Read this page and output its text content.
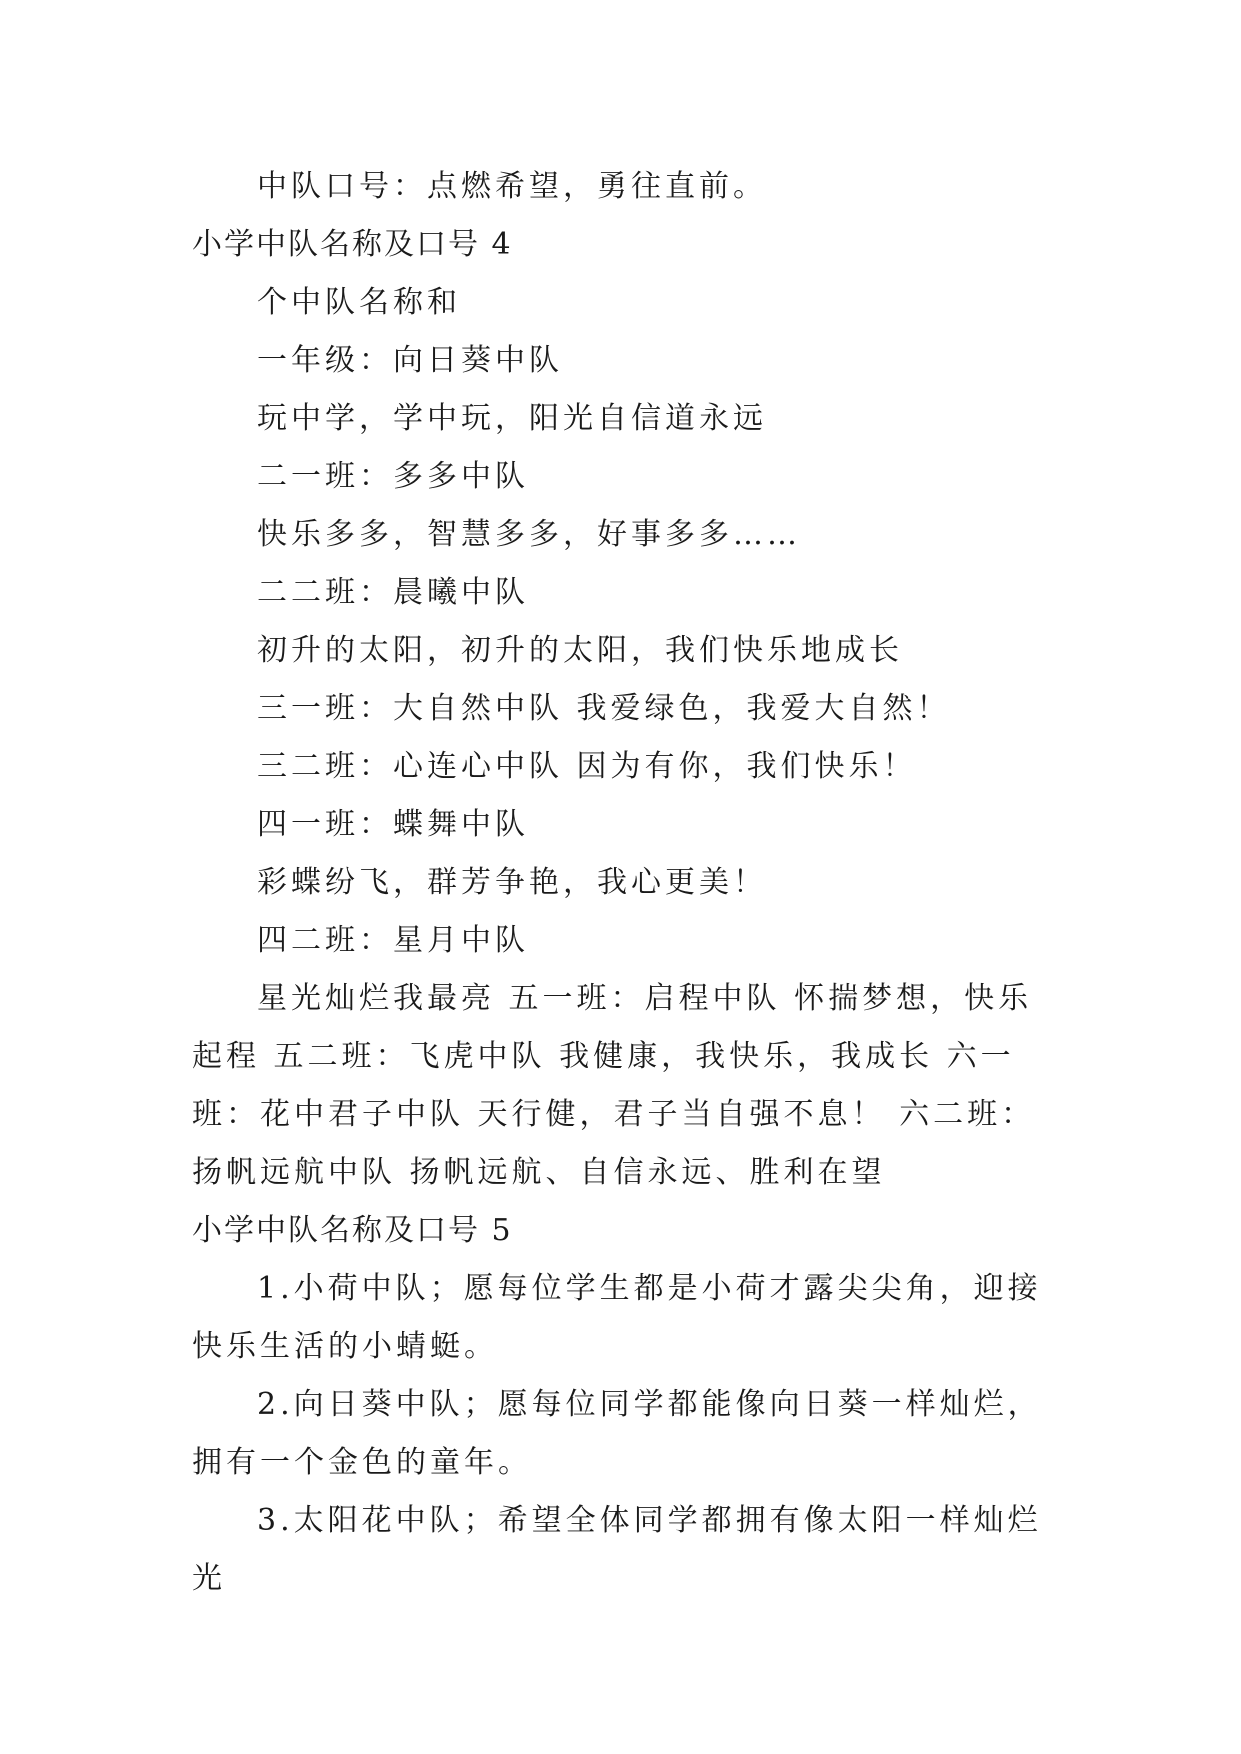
中队口号：点燃希望，勇往直前。

小学中队名称及口号 4

个中队名称和

一年级：向日葵中队

玩中学，学中玩，阳光自信道永远

二一班：多多中队

快乐多多，智慧多多，好事多多……

二二班：晨曦中队

初升的太阳，初升的太阳，我们快乐地成长

三一班：大自然中队 我爱绿色，我爱大自然！

三二班：心连心中队 因为有你，我们快乐！

四一班：蝶舞中队

彩蝶纷飞，群芳争艳，我心更美！

四二班：星月中队

星光灿烂我最亮 五一班：启程中队 怀揣梦想，快乐起程 五二班：飞虎中队 我健康，我快乐，我成长 六一班：花中君子中队 天行健，君子当自强不息！ 六二班：扬帆远航中队 扬帆远航、自信永远、胜利在望

小学中队名称及口号 5

1.小荷中队；愿每位学生都是小荷才露尖尖角，迎接快乐生活的小蜻蜓。

2.向日葵中队；愿每位同学都能像向日葵一样灿烂，拥有一个金色的童年。

3.太阳花中队；希望全体同学都拥有像太阳一样灿烂光
